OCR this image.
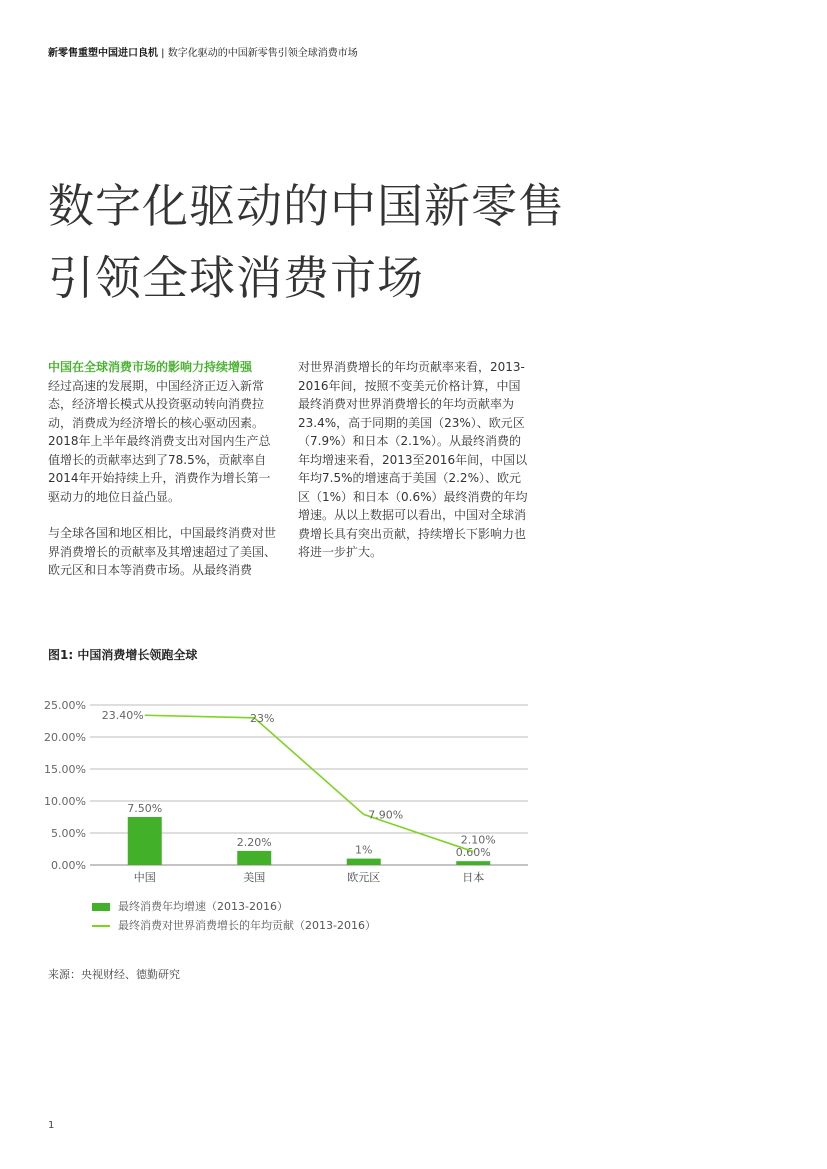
新零售重塑中国进口良机 | 数字化驱动的中国新零售引领全球消费市场
数字化驱动的中国新零售
引领全球消费市场

中国在全球消费市场的影响力持续增强
经过高速的发展期，中国经济正迈入新常态，经济增长模式从投资驱动转向消费拉动，消费成为经济增长的核心驱动因素。2018年上半年最终消费支出对国内生产总值增长的贡献率达到了78.5%，贡献率自2014年开始持续上升，消费作为增长第一驱动力的地位日益凸显。

与全球各国和地区相比，中国最终消费对世界消费增长的贡献率及其增速超过了美国、欧元区和日本等消费市场。从最终消费

对世界消费增长的年均贡献率来看，2013-2016年间，按照不变美元价格计算，中国最终消费对世界消费增长的年均贡献率为23.4%，高于同期的美国（23%）、欧元区（7.9%）和日本（2.1%）。从最终消费的年均增速来看，2013至2016年间，中国以年均7.5%的增速高于美国（2.2%）、欧元区（1%）和日本（0.6%）最终消费的年均增速。从以上数据可以看出，中国对全球消费增长具有突出贡献，持续增长下影响力也将进一步扩大。

图1: 中国消费增长领跑全球
0.00%
5.00%
10.00%
15.00%
20.00%
25.00%
7.50%
2.20%
1%	0.60%
23.40%	23%
7.90%
2.10%
中国	美国	欧元区	日本
最终消费年均增速（2013-2016）
最终消费对世界消费增长的年均贡献（2013-2016）
来源：央视财经、德勤研究
1
